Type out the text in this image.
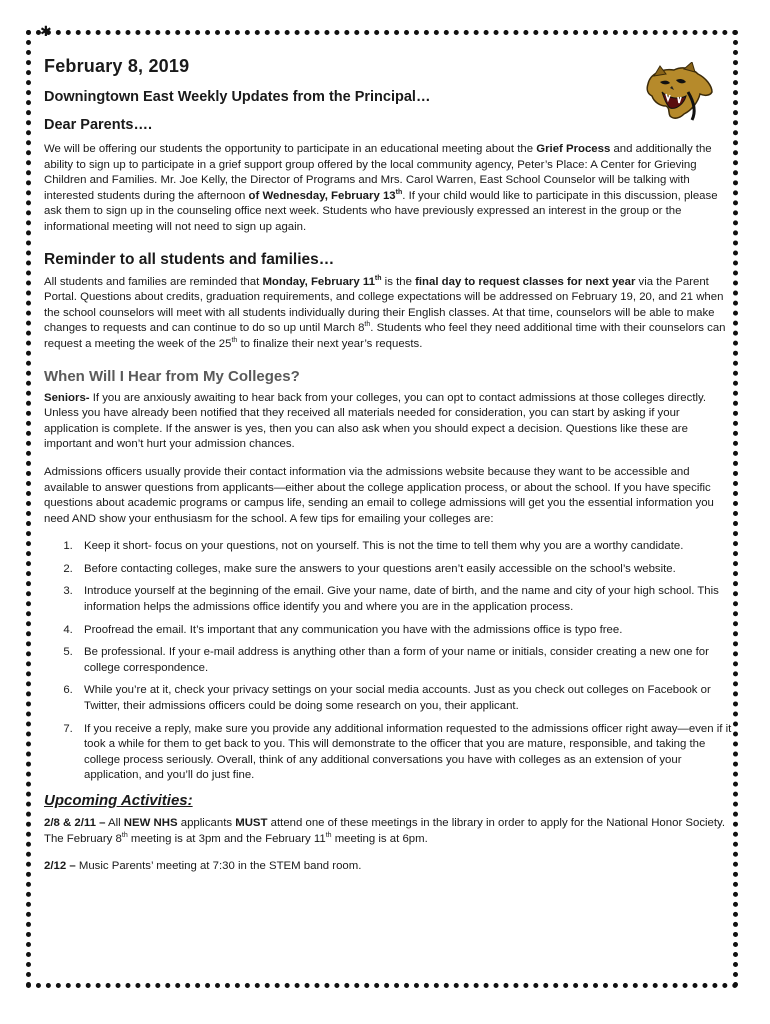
✱
February 8, 2019
Downingtown East Weekly Updates from the Principal…
Dear Parents….

We will be offering our students the opportunity to participate in an educational meeting about the Grief Process and additionally the ability to sign up to participate in a grief support group offered by the local community agency, Peter’s Place: A Center for Grieving Children and Families. Mr. Joe Kelly, the Director of Programs and Mrs. Carol Warren, East School Counselor will be talking with interested students during the afternoon of Wednesday, February 13th. If your child would like to participate in this discussion, please ask them to sign up in the counseling office next week. Students who have previously expressed an interest in the group or the informational meeting will not need to sign up again.

Reminder to all students and families…

All students and families are reminded that Monday, February 11th is the final day to request classes for next year via the Parent Portal. Questions about credits, graduation requirements, and college expectations will be addressed on February 19, 20, and 21 when the school counselors will meet with all students individually during their English classes. At that time, counselors will be able to make changes to requests and can continue to do so up until March 8th. Students who feel they need additional time with their counselors can request a meeting the week of the 25th to finalize their next year’s requests.

When Will I Hear from My Colleges?

Seniors- If you are anxiously awaiting to hear back from your colleges, you can opt to contact admissions at those colleges directly. Unless you have already been notified that they received all materials needed for consideration, you can start by asking if your application is complete. If the answer is yes, then you can also ask when you should expect a decision. Questions like these are important and won’t hurt your admission chances.

Admissions officers usually provide their contact information via the admissions website because they want to be accessible and available to answer questions from applicants—either about the college application process, or about the school. If you have specific questions about academic programs or campus life, sending an email to college admissions will get you the essential information you need AND show your enthusiasm for the school. A few tips for emailing your colleges are:

1. Keep it short- focus on your questions, not on yourself. This is not the time to tell them why you are a worthy candidate.
2. Before contacting colleges, make sure the answers to your questions aren’t easily accessible on the school’s website.
3. Introduce yourself at the beginning of the email. Give your name, date of birth, and the name and city of your high school. This information helps the admissions office identify you and where you are in the application process.
4. Proofread the email. It’s important that any communication you have with the admissions office is typo free.
5. Be professional. If your e-mail address is anything other than a form of your name or initials, consider creating a new one for college correspondence.
6. While you’re at it, check your privacy settings on your social media accounts. Just as you check out colleges on Facebook or Twitter, their admissions officers could be doing some research on you, their applicant.
7. If you receive a reply, make sure you provide any additional information requested to the admissions officer right away—even if it took a while for them to get back to you. This will demonstrate to the officer that you are mature, responsible, and taking the college process seriously. Overall, think of any additional conversations you have with colleges as an extension of your application, and you’ll do just fine.
Upcoming Activities:

2/8 & 2/11 – All NEW NHS applicants MUST attend one of these meetings in the library in order to apply for the National Honor Society. The February 8th meeting is at 3pm and the February 11th meeting is at 6pm.

2/12 – Music Parents’ meeting at 7:30 in the STEM band room.
